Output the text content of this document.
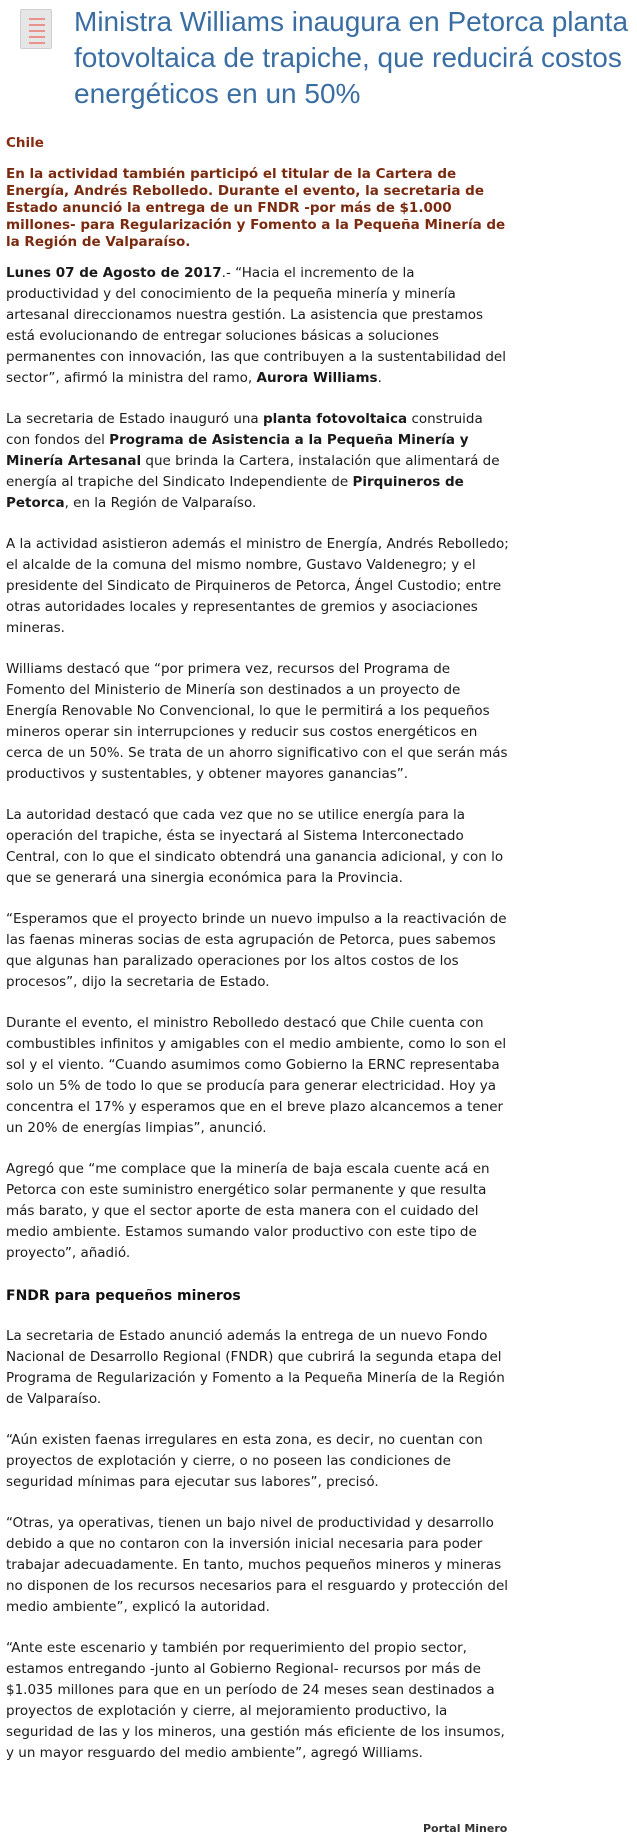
Ministra Williams inaugura en Petorca planta fotovoltaica de trapiche, que reducirá costos energéticos en un 50%
Chile
En la actividad también participó el titular de la Cartera de Energía, Andrés Rebolledo. Durante el evento, la secretaria de Estado anunció la entrega de un FNDR -por más de $1.000 millones- para Regularización y Fomento a la Pequeña Minería de la Región de Valparaíso.

Lunes 07 de Agosto de 2017.- “Hacia el incremento de la productividad y del conocimiento de la pequeña minería y minería artesanal direccionamos nuestra gestión. La asistencia que prestamos está evolucionando de entregar soluciones básicas a soluciones permanentes con innovación, las que contribuyen a la sustentabilidad del sector”, afirmó la ministra del ramo, Aurora Williams.

La secretaria de Estado inauguró una planta fotovoltaica construida con fondos del Programa de Asistencia a la Pequeña Minería y Minería Artesanal que brinda la Cartera, instalación que alimentará de energía al trapiche del Sindicato Independiente de Pirquineros de Petorca, en la Región de Valparaíso.

A la actividad asistieron además el ministro de Energía, Andrés Rebolledo; el alcalde de la comuna del mismo nombre, Gustavo Valdenegro; y el presidente del Sindicato de Pirquineros de Petorca, Ángel Custodio; entre otras autoridades locales y representantes de gremios y asociaciones mineras.

Williams destacó que “por primera vez, recursos del Programa de Fomento del Ministerio de Minería son destinados a un proyecto de Energía Renovable No Convencional, lo que le permitirá a los pequeños mineros operar sin interrupciones y reducir sus costos energéticos en cerca de un 50%. Se trata de un ahorro significativo con el que serán más productivos y sustentables, y obtener mayores ganancias”.

La autoridad destacó que cada vez que no se utilice energía para la operación del trapiche, ésta se inyectará al Sistema Interconectado Central, con lo que el sindicato obtendrá una ganancia adicional, y con lo que se generará una sinergia económica para la Provincia.

“Esperamos que el proyecto brinde un nuevo impulso a la reactivación de las faenas mineras socias de esta agrupación de Petorca, pues sabemos que algunas han paralizado operaciones por los altos costos de los procesos”, dijo la secretaria de Estado.

Durante el evento, el ministro Rebolledo destacó que Chile cuenta con combustibles infinitos y amigables con el medio ambiente, como lo son el sol y el viento. “Cuando asumimos como Gobierno la ERNC representaba solo un 5% de todo lo que se producía para generar electricidad. Hoy ya concentra el 17% y esperamos que en el breve plazo alcancemos a tener un 20% de energías limpias”, anunció.

Agregó que “me complace que la minería de baja escala cuente acá en Petorca con este suministro energético solar permanente y que resulta más barato, y que el sector aporte de esta manera con el cuidado del medio ambiente. Estamos sumando valor productivo con este tipo de proyecto”, añadió.

FNDR para pequeños mineros

La secretaria de Estado anunció además la entrega de un nuevo Fondo Nacional de Desarrollo Regional (FNDR) que cubrirá la segunda etapa del Programa de Regularización y Fomento a la Pequeña Minería de la Región de Valparaíso.

“Aún existen faenas irregulares en esta zona, es decir, no cuentan con proyectos de explotación y cierre, o no poseen las condiciones de seguridad mínimas para ejecutar sus labores”, precisó.

“Otras, ya operativas, tienen un bajo nivel de productividad y desarrollo debido a que no contaron con la inversión inicial necesaria para poder trabajar adecuadamente. En tanto, muchos pequeños mineros y mineras no disponen de los recursos necesarios para el resguardo y protección del medio ambiente”, explicó la autoridad.

“Ante este escenario y también por requerimiento del propio sector, estamos entregando -junto al Gobierno Regional- recursos por más de $1.035 millones para que en un período de 24 meses sean destinados a proyectos de explotación y cierre, al mejoramiento productivo, la seguridad de las y los mineros, una gestión más eficiente de los insumos, y un mayor resguardo del medio ambiente”, agregó Williams.

Portal Minero
